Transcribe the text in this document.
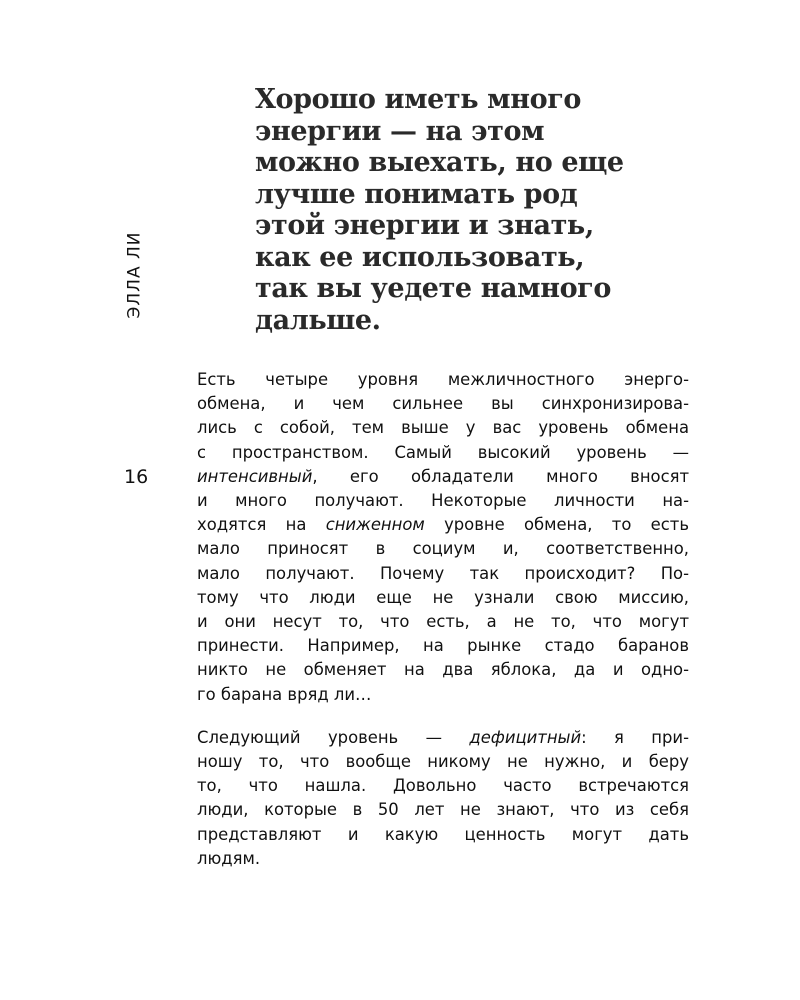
ЭЛЛА ЛИ
16
Хорошо иметь много
энергии — на этом
можно выехать, но еще
лучше понимать род
этой энергии и знать,
как ее использовать,
так вы уедете намного
дальше.

Есть четыре уровня межличностного энерго-
обмена, и чем сильнее вы синхронизирова-
лись с собой, тем выше у вас уровень обмена
с пространством. Самый высокий уровень —
интенсивный, его обладатели много вносят
и много получают. Некоторые личности на-
ходятся на сниженном уровне обмена, то есть
мало приносят в социум и, соответственно,
мало получают. Почему так происходит? По-
тому что люди еще не узнали свою миссию,
и они несут то, что есть, а не то, что могут
принести. Например, на рынке стадо баранов
никто не обменяет на два яблока, да и одно-
го барана вряд ли…

Следующий уровень — дефицитный: я при-
ношу то, что вообще никому не нужно, и беру
то, что нашла. Довольно часто встречаются
люди, которые в 50 лет не знают, что из себя
представляют и какую ценность могут дать
людям.
